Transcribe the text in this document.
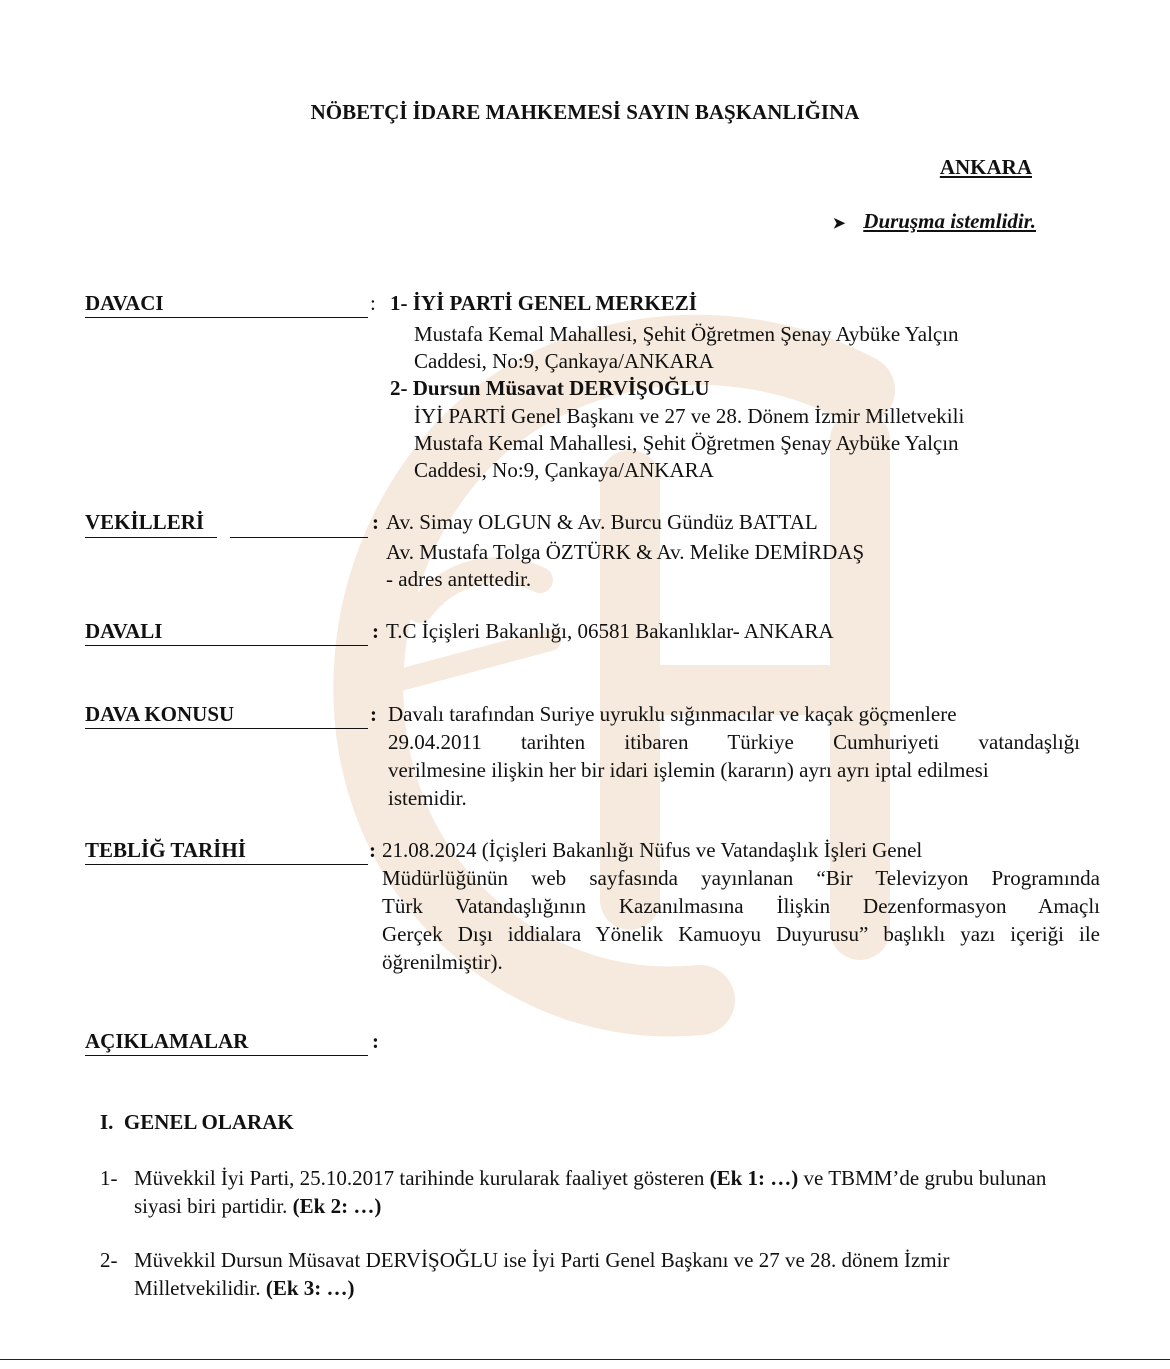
NÖBETÇİ İDARE MAHKEMESİ SAYIN BAŞKANLIĞINA
ANKARA
➤ Duruşma istemlidir.
DAVACI	: 1- İYİ PARTİ GENEL MERKEZİ
Mustafa Kemal Mahallesi, Şehit Öğretmen Şenay Aybüke Yalçın
Caddesi, No:9, Çankaya/ANKARA
2- Dursun Müsavat DERVİŞOĞLU
İYİ PARTİ Genel Başkanı ve 27 ve 28. Dönem İzmir Milletvekili
Mustafa Kemal Mahallesi, Şehit Öğretmen Şenay Aybüke Yalçın
Caddesi, No:9, Çankaya/ANKARA
VEKİLLERİ	: Av. Simay OLGUN & Av. Burcu Gündüz BATTAL
Av. Mustafa Tolga ÖZTÜRK & Av. Melike DEMİRDAŞ
- adres antettedir.
DAVALI	: T.C İçişleri Bakanlığı, 06581 Bakanlıklar- ANKARA
DAVA KONUSU	: Davalı tarafından Suriye uyruklu sığınmacılar ve kaçak göçmenlere
29.04.2011 tarihten itibaren Türkiye Cumhuriyeti vatandaşlığı
verilmesine ilişkin her bir idari işlemin (kararın) ayrı ayrı iptal edilmesi
istemidir.
TEBLİĞ TARİHİ	: 21.08.2024 (İçişleri Bakanlığı Nüfus ve Vatandaşlık İşleri Genel
Müdürlüğünün web sayfasında yayınlanan “Bir Televizyon Programında
Türk Vatandaşlığının Kazanılmasına İlişkin Dezenformasyon Amaçlı
Gerçek Dışı iddialara Yönelik Kamuoyu Duyurusu” başlıklı yazı içeriği ile
öğrenilmiştir).
AÇIKLAMALAR	:
I.  GENEL OLARAK
1- Müvekkil İyi Parti, 25.10.2017 tarihinde kurularak faaliyet gösteren (Ek 1: …) ve TBMM’de grubu bulunan siyasi biri partidir. (Ek 2: …)
2- Müvekkil Dursun Müsavat DERVİŞOĞLU ise İyi Parti Genel Başkanı ve 27 ve 28. dönem İzmir Milletvekilidir. (Ek 3: …)
